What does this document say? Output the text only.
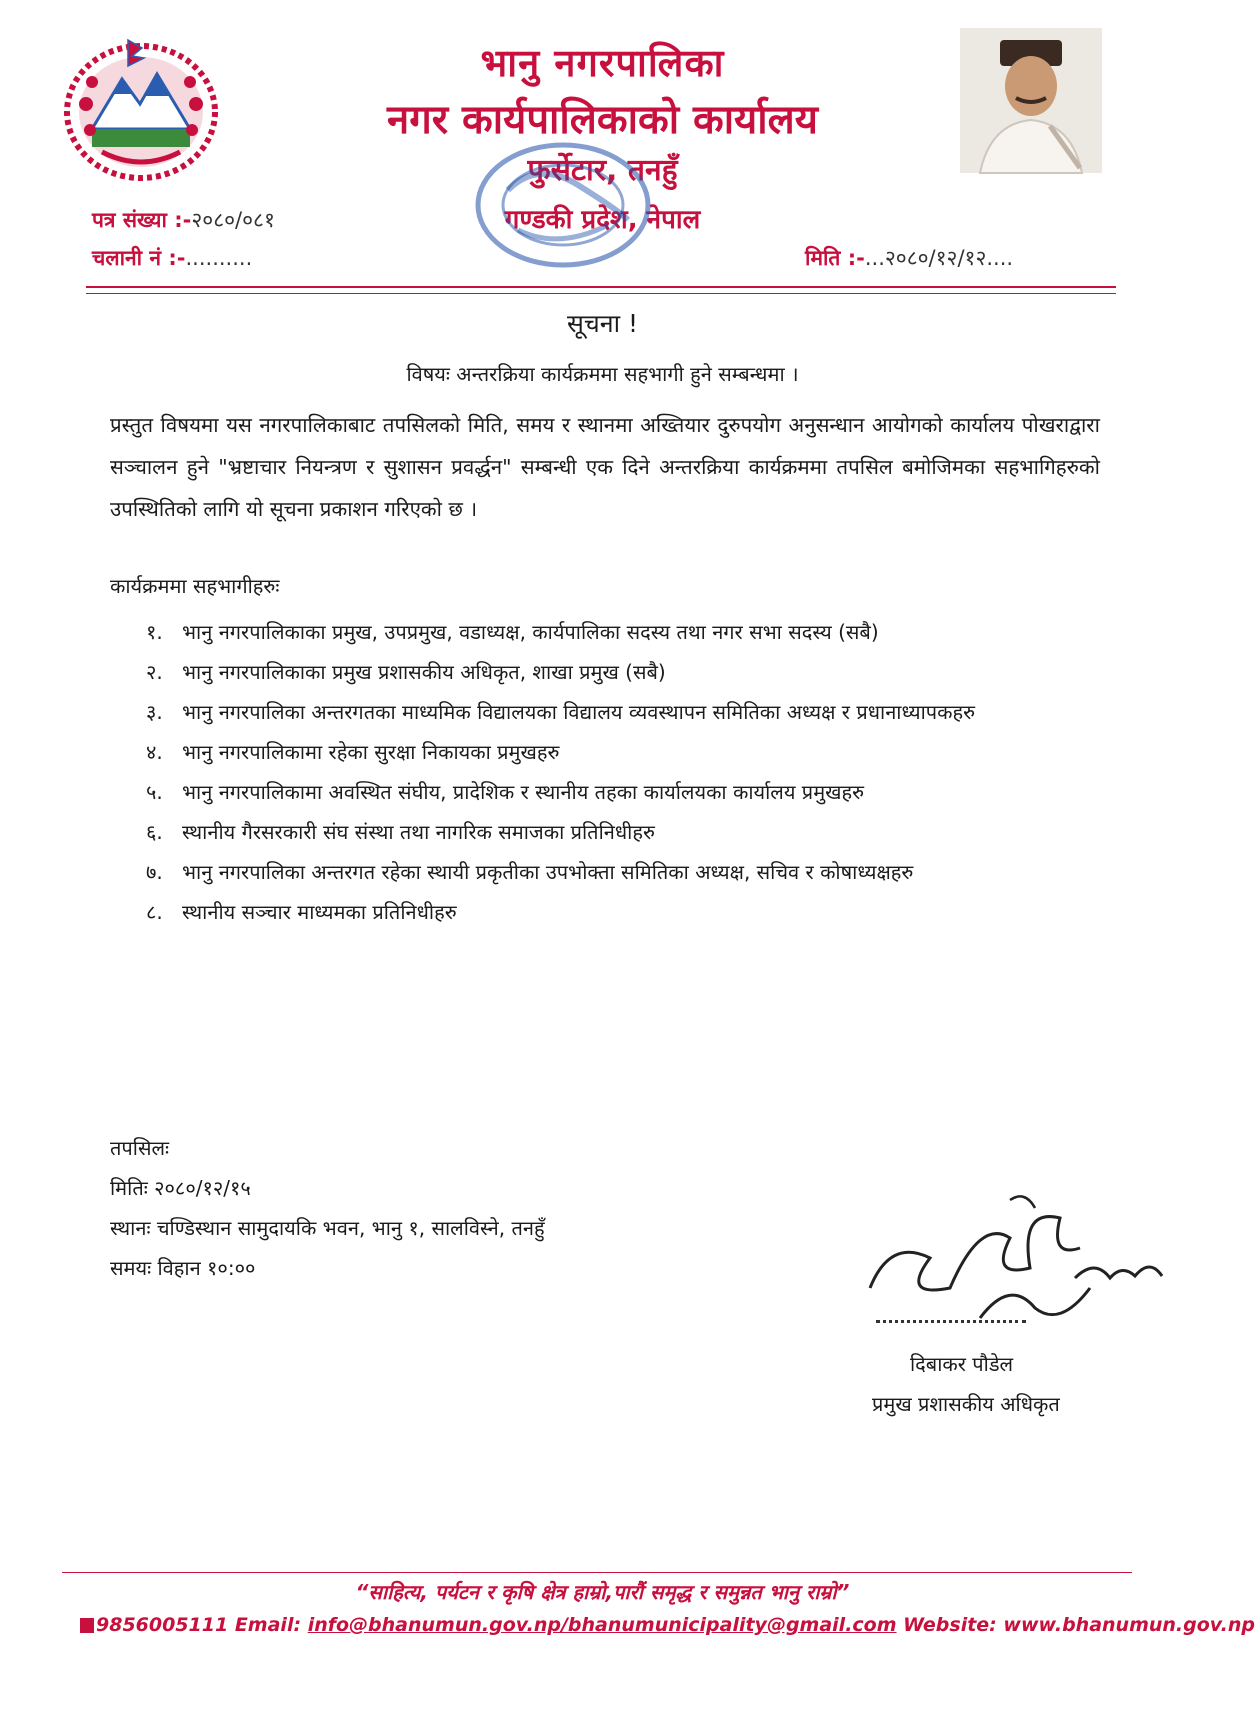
भानु नगरपालिका
नगर कार्यपालिकाको कार्यालय
फुर्सेटार, तनहुँ
गण्डकी प्रदेश, नेपाल
पत्र संख्या :-२०८०/०८१
चलानी नं :-..........	मिति :-...२०८०/१२/१२....
सूचना !
विषयः अन्तरक्रिया कार्यक्रममा सहभागी हुने सम्बन्धमा ।
प्रस्तुत विषयमा यस नगरपालिकाबाट तपसिलको मिति, समय र स्थानमा अख्तियार दुरुपयोग अनुसन्धान आयोगको कार्यालय पोखराद्वारा सञ्चालन हुने "भ्रष्टाचार नियन्त्रण र सुशासन प्रवर्द्धन" सम्बन्धी एक दिने अन्तरक्रिया कार्यक्रममा तपसिल बमोजिमका सहभागिहरुको उपस्थितिको लागि यो सूचना प्रकाशन गरिएको छ ।
कार्यक्रममा सहभागीहरुः
१. भानु नगरपालिकाका प्रमुख, उपप्रमुख, वडाध्यक्ष, कार्यपालिका सदस्य तथा नगर सभा सदस्य (सबै)
२. भानु नगरपालिकाका प्रमुख प्रशासकीय अधिकृत, शाखा प्रमुख (सबै)
३. भानु नगरपालिका अन्तरगतका माध्यमिक विद्यालयका विद्यालय व्यवस्थापन समितिका अध्यक्ष र प्रधानाध्यापकहरु
४. भानु नगरपालिकामा रहेका सुरक्षा निकायका प्रमुखहरु
५. भानु नगरपालिकामा अवस्थित संघीय, प्रादेशिक र स्थानीय तहका कार्यालयका कार्यालय प्रमुखहरु
६. स्थानीय गैरसरकारी संघ संस्था तथा नागरिक समाजका प्रतिनिधीहरु
७. भानु नगरपालिका अन्तरगत रहेका स्थायी प्रकृतीका उपभोक्ता समितिका अध्यक्ष, सचिव र कोषाध्यक्षहरु
८. स्थानीय सञ्चार माध्यमका प्रतिनिधीहरु
तपसिलः
मितिः २०८०/१२/१५
स्थानः चण्डिस्थान सामुदायकि भवन, भानु १, सालविस्ने, तनहुँ
समयः विहान १०:००
दिबाकर पौडेल
प्रमुख प्रशासकीय अधिकृत
“साहित्य, पर्यटन र कृषि क्षेत्र हाम्रो,पारौं समृद्ध र समुन्नत भानु राम्रो”
9856005111 Email: info@bhanumun.gov.np/bhanumunicipality@gmail.com Website: www.bhanumun.gov.np
